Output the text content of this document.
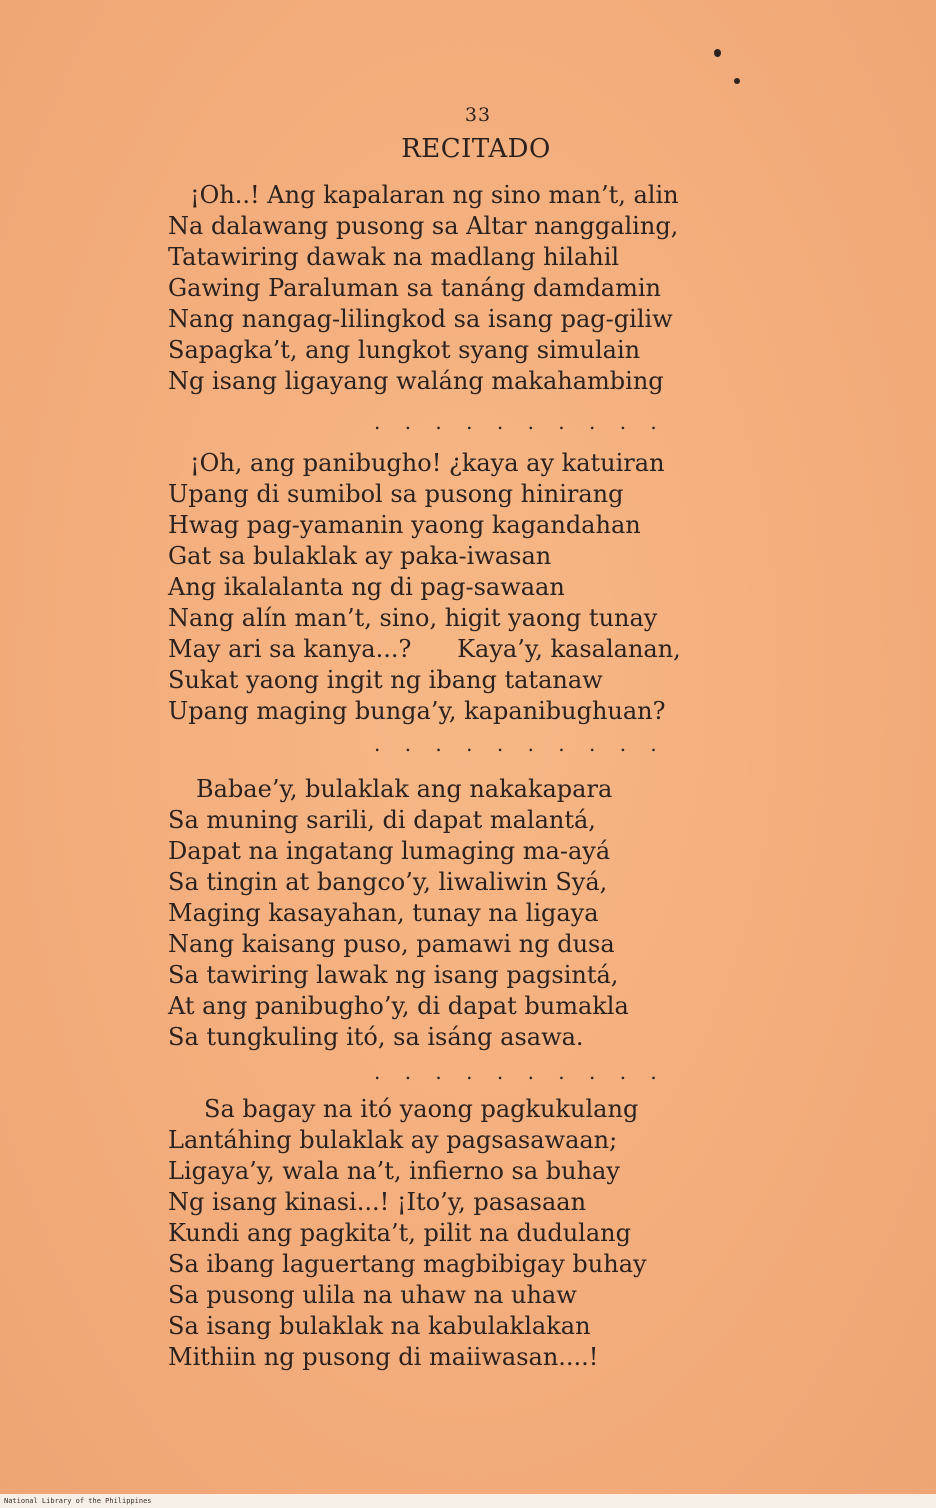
33
RECITADO
¡Oh..! Ang kapalaran ng sino man’t, alin
Na dalawang pusong sa Altar nanggaling,
Tatawiring dawak na madlang hilahil
Gawing Paraluman sa tanáng damdamin
Nang nangag-lilingkod sa isang pag-giliw
Sapagka’t, ang lungkot syang simulain
Ng isang ligayang waláng makahambing
. . . . . . . . . .
¡Oh, ang panibugho! ¿kaya ay katuiran
Upang di sumibol sa pusong hinirang
Hwag pag-yamanin yaong kagandahan
Gat sa bulaklak ay paka-iwasan
Ang ikalalanta ng di pag-sawaan
Nang alín man’t, sino, higit yaong tunay
May ari sa kanya...?      Kaya’y, kasalanan,
Sukat yaong ingit ng ibang tatanaw
Upang maging bunga’y, kapanibughuan?
. . . . . . . . . .
Babae’y, bulaklak ang nakakapara
Sa muning sarili, di dapat malantá,
Dapat na ingatang lumaging ma-ayá
Sa tingin at bangco’y, liwaliwin Syá,
Maging kasayahan, tunay na ligaya
Nang kaisang puso, pamawi ng dusa
Sa tawiring lawak ng isang pagsintá,
At ang panibugho’y, di dapat bumakla
Sa tungkuling itó, sa isáng asawa.
. . . . . . . . . .
Sa bagay na itó yaong pagkukulang
Lantáhing bulaklak ay pagsasawaan;
Ligaya’y, wala na’t, infierno sa buhay
Ng isang kinasi...! ¡Ito’y, pasasaan
Kundi ang pagkita’t, pilit na dudulang
Sa ibang laguertang magbibigay buhay
Sa pusong ulila na uhaw na uhaw
Sa isang bulaklak na kabulaklakan
Mithiin ng pusong di maiiwasan....!
National Library of the Philippines
